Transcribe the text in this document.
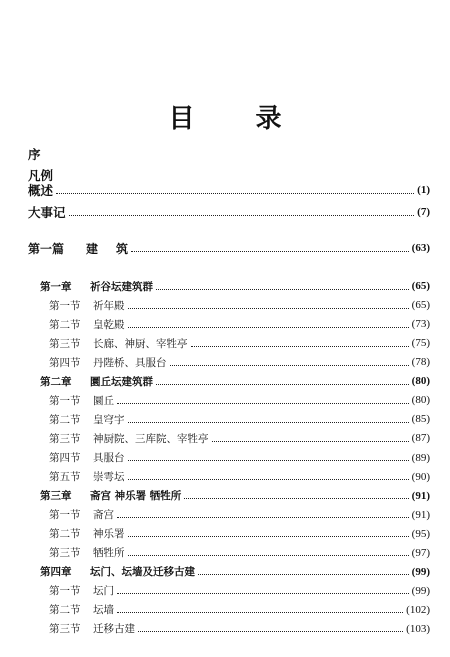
目 录
序
凡例
概述	(1)
大事记	(7)
第一篇 建 筑	(63)
第一章	祈谷坛建筑群	(65)
第一节	祈年殿	(65)
第二节	皇乾殿	(73)
第三节	长廊、神厨、宰牲亭	(75)
第四节	丹陛桥、具服台	(78)
第二章	圜丘坛建筑群	(80)
第一节	圜丘	(80)
第二节	皇穹宇	(85)
第三节	神厨院、三库院、宰牲亭	(87)
第四节	具服台	(89)
第五节	崇雩坛	(90)
第三章	斋宫 神乐署 牺牲所	(91)
第一节	斋宫	(91)
第二节	神乐署	(95)
第三节	牺牲所	(97)
第四章	坛门、坛墙及迁移古建	(99)
第一节	坛门	(99)
第二节	坛墙	(102)
第三节	迁移古建	(103)
